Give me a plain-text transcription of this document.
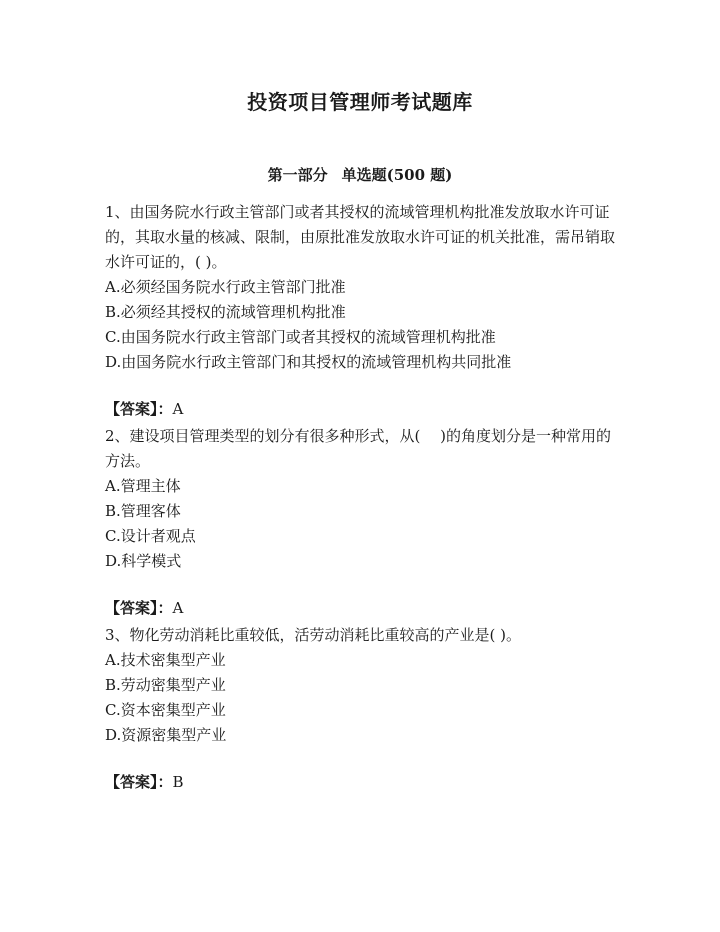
投资项目管理师考试题库
第一部分 单选题(500 题)

1、由国务院水行政主管部门或者其授权的流域管理机构批准发放取水许可证的，其取水量的核减、限制，由原批准发放取水许可证的机关批准，需吊销取水许可证的，( )。

A.必须经国务院水行政主管部门批准

B.必须经其授权的流域管理机构批准

C.由国务院水行政主管部门或者其授权的流域管理机构批准

D.由国务院水行政主管部门和其授权的流域管理机构共同批准

【答案】：A

2、建设项目管理类型的划分有很多种形式，从(　 )的角度划分是一种常用的方法。

A.管理主体

B.管理客体

C.设计者观点

D.科学模式

【答案】：A

3、物化劳动消耗比重较低，活劳动消耗比重较高的产业是( )。

A.技术密集型产业

B.劳动密集型产业

C.资本密集型产业

D.资源密集型产业

【答案】：B
